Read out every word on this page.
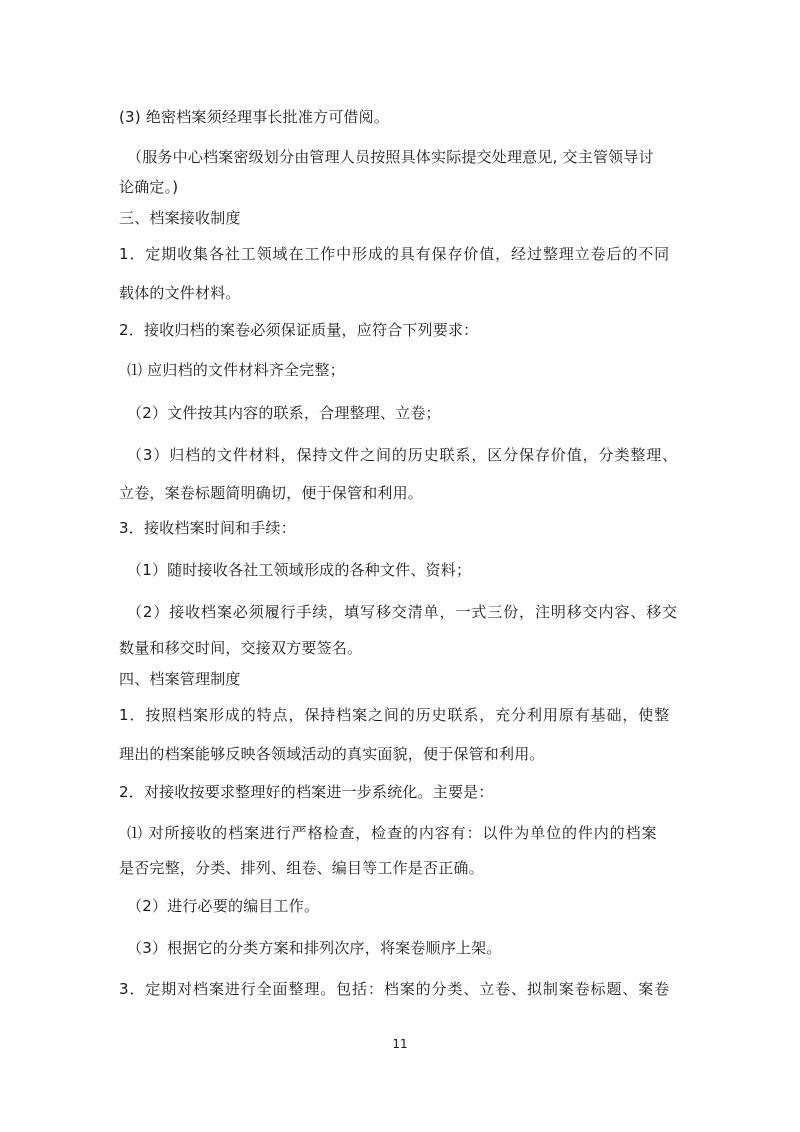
(3) 绝密档案须经理事长批准方可借阅。
（服务中心档案密级划分由管理人员按照具体实际提交处理意见, 交主管领导讨
论确定。)
三、档案接收制度
1．定期收集各社工领域在工作中形成的具有保存价值，经过整理立卷后的不同
载体的文件材料。
2．接收归档的案卷必须保证质量，应符合下列要求：
⑴ 应归档的文件材料齐全完整；
（2）文件按其内容的联系，合理整理、立卷；
（3）归档的文件材料，保持文件之间的历史联系，区分保存价值，分类整理、
立卷，案卷标题简明确切，便于保管和利用。
3．接收档案时间和手续：
（1）随时接收各社工领域形成的各种文件、资料；
（2）接收档案必须履行手续，填写移交清单，一式三份，注明移交内容、移交
数量和移交时间，交接双方要签名。
四、档案管理制度
1．按照档案形成的特点，保持档案之间的历史联系，充分利用原有基础，使整
理出的档案能够反映各领域活动的真实面貌，便于保管和利用。
2．对接收按要求整理好的档案进一步系统化。主要是：
⑴ 对所接收的档案进行严格检查，检查的内容有：以件为单位的件内的档案
是否完整，分类、排列、组卷、编目等工作是否正确。
（2）进行必要的编目工作。
（3）根据它的分类方案和排列次序，将案卷顺序上架。
3．定期对档案进行全面整理。包括：档案的分类、立卷、拟制案卷标题、案卷
11
